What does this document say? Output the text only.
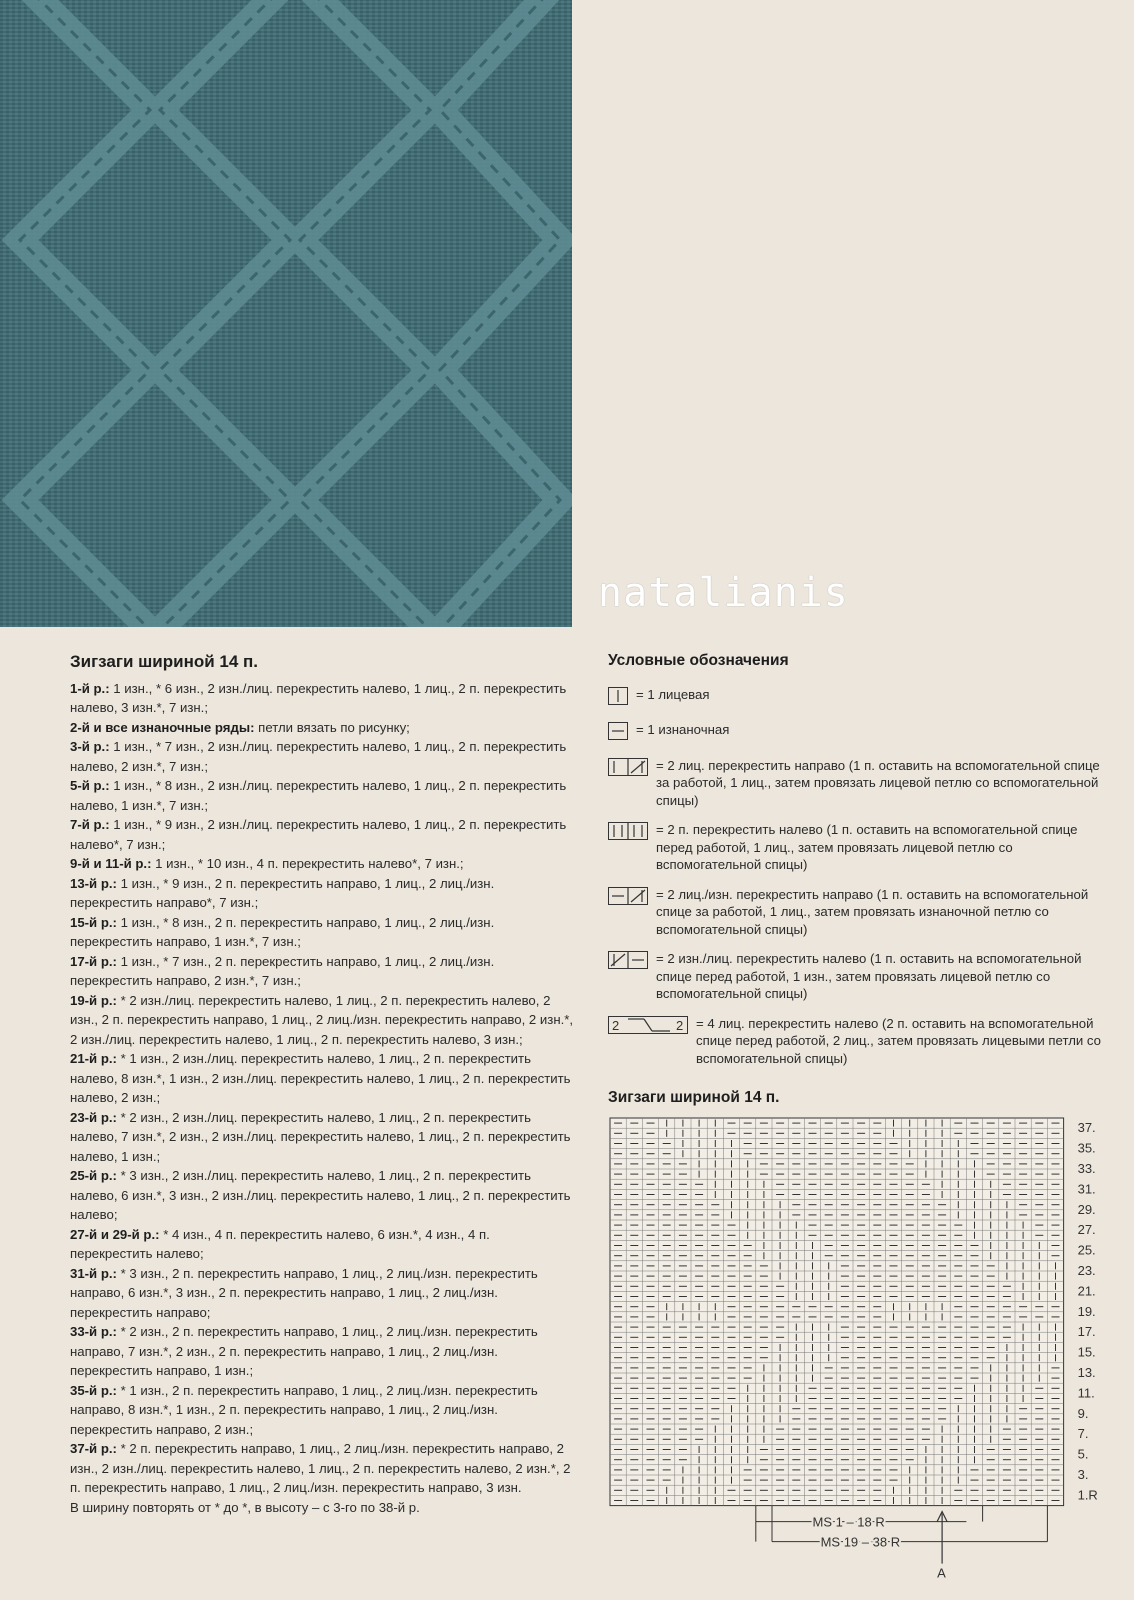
natalianis
Зигзаги шириной 14 п.

1-й р.: 1 изн., * 6 изн., 2 изн./лиц. перекрестить налево, 1 лиц., 2 п. перекрестить налево, 3 изн.*, 7 изн.;

2-й и все изнаночные ряды: петли вязать по рисунку;

3-й р.: 1 изн., * 7 изн., 2 изн./лиц. перекрестить налево, 1 лиц., 2 п. перекрестить налево, 2 изн.*, 7 изн.;

5-й р.: 1 изн., * 8 изн., 2 изн./лиц. перекрестить налево, 1 лиц., 2 п. перекрестить налево, 1 изн.*, 7 изн.;

7-й р.: 1 изн., * 9 изн., 2 изн./лиц. перекрестить налево, 1 лиц., 2 п. перекрестить налево*, 7 изн.;

9-й и 11-й р.: 1 изн., * 10 изн., 4 п. перекрестить налево*, 7 изн.;

13-й р.: 1 изн., * 9 изн., 2 п. перекрестить направо, 1 лиц., 2 лиц./изн. перекрестить направо*, 7 изн.;

15-й р.: 1 изн., * 8 изн., 2 п. перекрестить направо, 1 лиц., 2 лиц./изн. перекрестить направо, 1 изн.*, 7 изн.;

17-й р.: 1 изн., * 7 изн., 2 п. перекрестить направо, 1 лиц., 2 лиц./изн. перекрестить направо, 2 изн.*, 7 изн.;

19-й р.: * 2 изн./лиц. перекрестить налево, 1 лиц., 2 п. перекрестить налево, 2 изн., 2 п. перекрестить направо, 1 лиц., 2 лиц./изн. перекрестить направо, 2 изн.*, 2 изн./лиц. перекрестить налево, 1 лиц., 2 п. перекрестить налево, 3 изн.;

21-й р.: * 1 изн., 2 изн./лиц. перекрестить налево, 1 лиц., 2 п. перекрестить налево, 8 изн.*, 1 изн., 2 изн./лиц. перекрестить налево, 1 лиц., 2 п. перекрестить налево, 2 изн.;

23-й р.: * 2 изн., 2 изн./лиц. перекрестить налево, 1 лиц., 2 п. перекрестить налево, 7 изн.*, 2 изн., 2 изн./лиц. перекрестить налево, 1 лиц., 2 п. перекрестить налево, 1 изн.;

25-й р.: * 3 изн., 2 изн./лиц. перекрестить налево, 1 лиц., 2 п. перекрестить налево, 6 изн.*, 3 изн., 2 изн./лиц. перекрестить налево, 1 лиц., 2 п. перекрестить налево;

27-й и 29-й р.: * 4 изн., 4 п. перекрестить налево, 6 изн.*, 4 изн., 4 п. перекрестить налево;

31-й р.: * 3 изн., 2 п. перекрестить направо, 1 лиц., 2 лиц./изн. перекрестить направо, 6 изн.*, 3 изн., 2 п. перекрестить направо, 1 лиц., 2 лиц./изн. перекрестить направо;

33-й р.: * 2 изн., 2 п. перекрестить направо, 1 лиц., 2 лиц./изн. перекрестить направо, 7 изн.*, 2 изн., 2 п. перекрестить направо, 1 лиц., 2 лиц./изн. перекрестить направо, 1 изн.;

35-й р.: * 1 изн., 2 п. перекрестить направо, 1 лиц., 2 лиц./изн. перекрестить направо, 8 изн.*, 1 изн., 2 п. перекрестить направо, 1 лиц., 2 лиц./изн. перекрестить направо, 2 изн.;

37-й р.: * 2 п. перекрестить направо, 1 лиц., 2 лиц./изн. перекрестить направо, 2 изн., 2 изн./лиц. перекрестить налево, 1 лиц., 2 п. перекрестить налево, 2 изн.*, 2 п. перекрестить направо, 1 лиц., 2 лиц./изн. перекрестить направо, 3 изн.

В ширину повторять от * до *, в высоту – с 3-го по 38-й р.

Условные обозначения
= 1 лицевая
= 1 изнаночная
= 2 лиц. перекрестить направо (1 п. оставить на вспомогательной спице за работой, 1 лиц., затем провязать лицевой петлю со вспомогательной спицы)
= 2 п. перекрестить налево (1 п. оставить на вспомогательной спице перед работой, 1 лиц., затем провязать лицевой петлю со вспомогательной спицы)
= 2 лиц./изн. перекрестить направо (1 п. оставить на вспомогательной спице за работой, 1 лиц., затем провязать изнаночной петлю со вспомогательной спицы)
= 2 изн./лиц. перекрестить налево (1 п. оставить на вспомогательной спице перед работой, 1 изн., затем провязать лицевой петлю со вспомогательной спицы)
2	2 = 4 лиц. перекрестить налево (2 п. оставить на вспомогательной спице перед работой, 2 лиц., затем провязать лицевыми петли со вспомогательной спицы)
Зигзаги шириной 14 п.
37.
35.
33.
31.
29.
27.
25.
23.
21.
19.
17.
15.
13.
11.
9.
7.
5.
3.
1.R
MS 1 – 18 R
MS 19 – 38 R
A
